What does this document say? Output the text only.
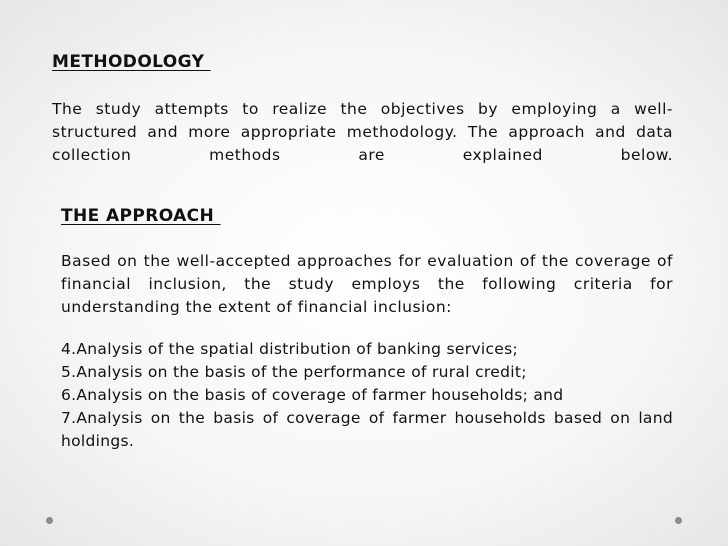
METHODOLOGY

The study attempts to realize the objectives by employing a well-structured and more appropriate methodology. The approach and data collection methods are explained below.

THE APPROACH

Based on the well-accepted approaches for evaluation of the coverage of financial inclusion, the study employs the following criteria for understanding the extent of financial inclusion:

4.Analysis of the spatial distribution of banking services;
5.Analysis on the basis of the performance of rural credit;
6.Analysis on the basis of coverage of farmer households; and
7.Analysis on the basis of coverage of farmer households based on land holdings.
